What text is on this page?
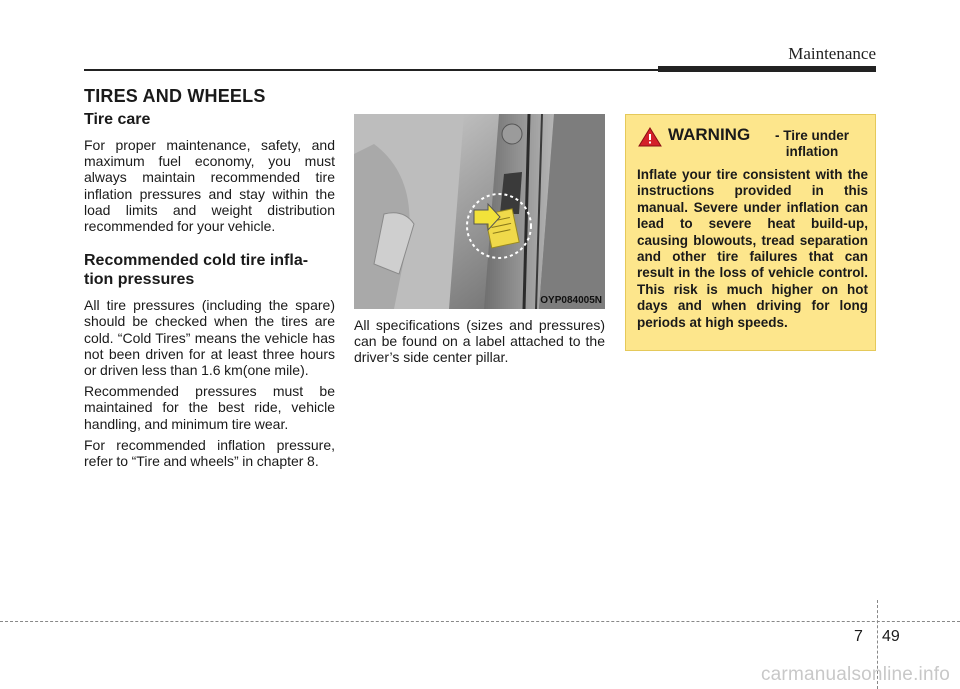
Maintenance
TIRES AND WHEELS
Tire care

For proper maintenance, safety, and maximum fuel economy, you must always maintain recommended tire inflation pressures and stay within the load limits and weight distribution recommended for your vehicle.

Recommended cold tire infla-
tion pressures

All tire pressures (including the spare) should be checked when the tires are cold. “Cold Tires” means the vehicle has not been driven for at least three hours or driven less than 1.6 km(one mile).

Recommended pressures must be maintained for the best ride, vehicle handling, and minimum tire wear.

For recommended inflation pressure, refer to “Tire and wheels” in chapter 8.

OYP084005N

All specifications (sizes and pressures) can be found on a label attached to the driver’s side center pillar.

WARNING - Tire under inflation

Inflate your tire consistent with the instructions provided in this manual. Severe under inflation can lead to severe heat build-up, causing blowouts, tread separation and other tire failures that can result in the loss of vehicle control. This risk is much higher on hot days and when driving for long periods at high speeds.

7 49
carmanualsonline.info
